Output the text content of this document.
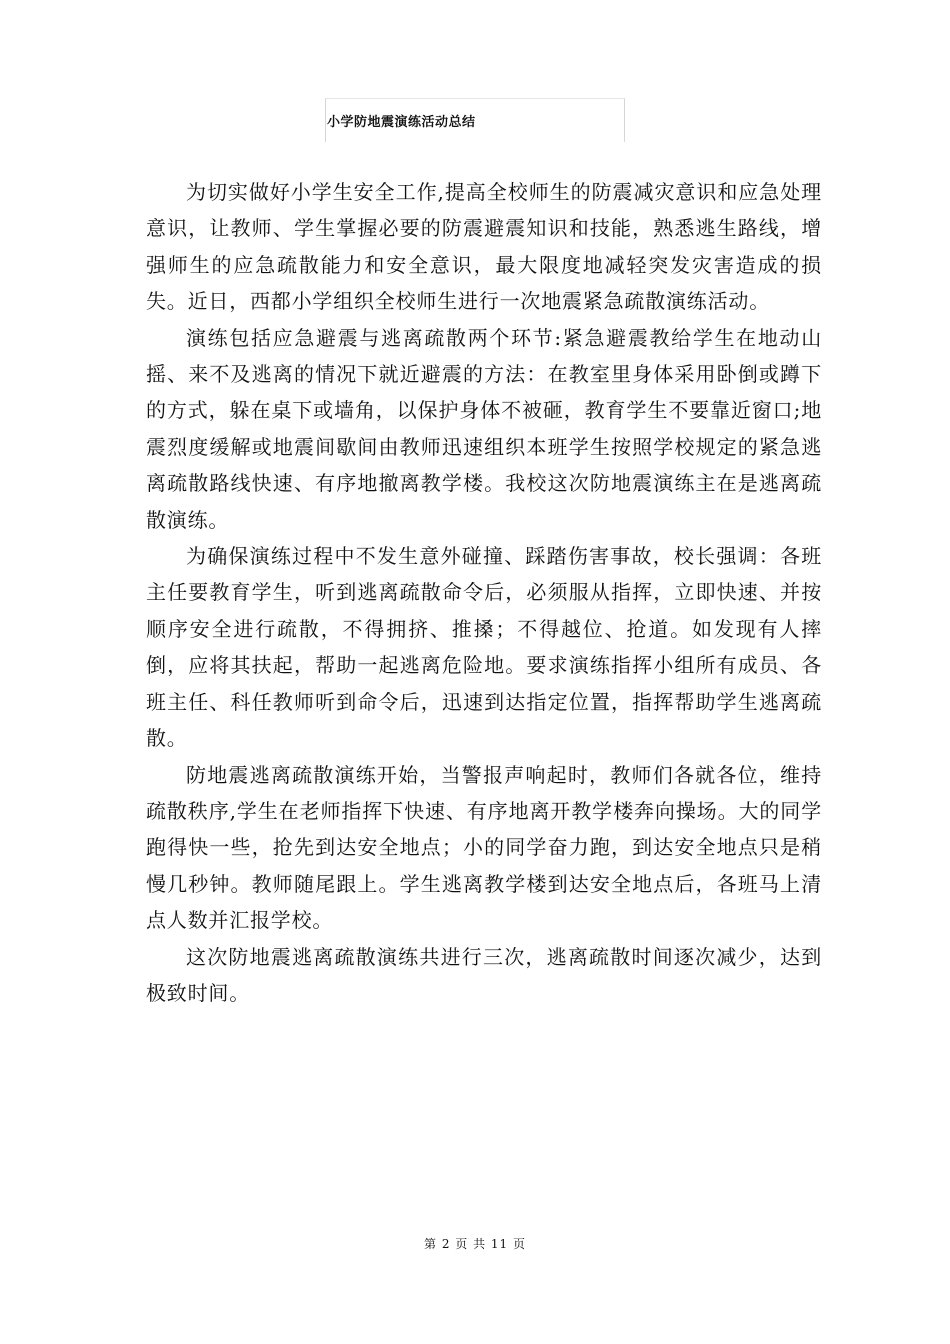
小学防地震演练活动总结

为切实做好小学生安全工作,提高全校师生的防震减灾意识和应急处理意识，让教师、学生掌握必要的防震避震知识和技能，熟悉逃生路线，增强师生的应急疏散能力和安全意识，最大限度地减轻突发灾害造成的损失。近日，西都小学组织全校师生进行一次地震紧急疏散演练活动。

演练包括应急避震与逃离疏散两个环节:紧急避震教给学生在地动山摇、来不及逃离的情况下就近避震的方法：在教室里身体采用卧倒或蹲下的方式，躲在桌下或墙角，以保护身体不被砸，教育学生不要靠近窗口;地震烈度缓解或地震间歇间由教师迅速组织本班学生按照学校规定的紧急逃离疏散路线快速、有序地撤离教学楼。我校这次防地震演练主在是逃离疏散演练。

为确保演练过程中不发生意外碰撞、踩踏伤害事故，校长强调：各班主任要教育学生，听到逃离疏散命令后，必须服从指挥，立即快速、并按顺序安全进行疏散，不得拥挤、推搡；不得越位、抢道。如发现有人摔倒，应将其扶起，帮助一起逃离危险地。要求演练指挥小组所有成员、各班主任、科任教师听到命令后，迅速到达指定位置，指挥帮助学生逃离疏散。

防地震逃离疏散演练开始，当警报声响起时，教师们各就各位，维持疏散秩序,学生在老师指挥下快速、有序地离开教学楼奔向操场。大的同学跑得快一些，抢先到达安全地点；小的同学奋力跑，到达安全地点只是稍慢几秒钟。教师随尾跟上。学生逃离教学楼到达安全地点后，各班马上清点人数并汇报学校。

这次防地震逃离疏散演练共进行三次，逃离疏散时间逐次减少，达到极致时间。

第 2 页 共 11 页
